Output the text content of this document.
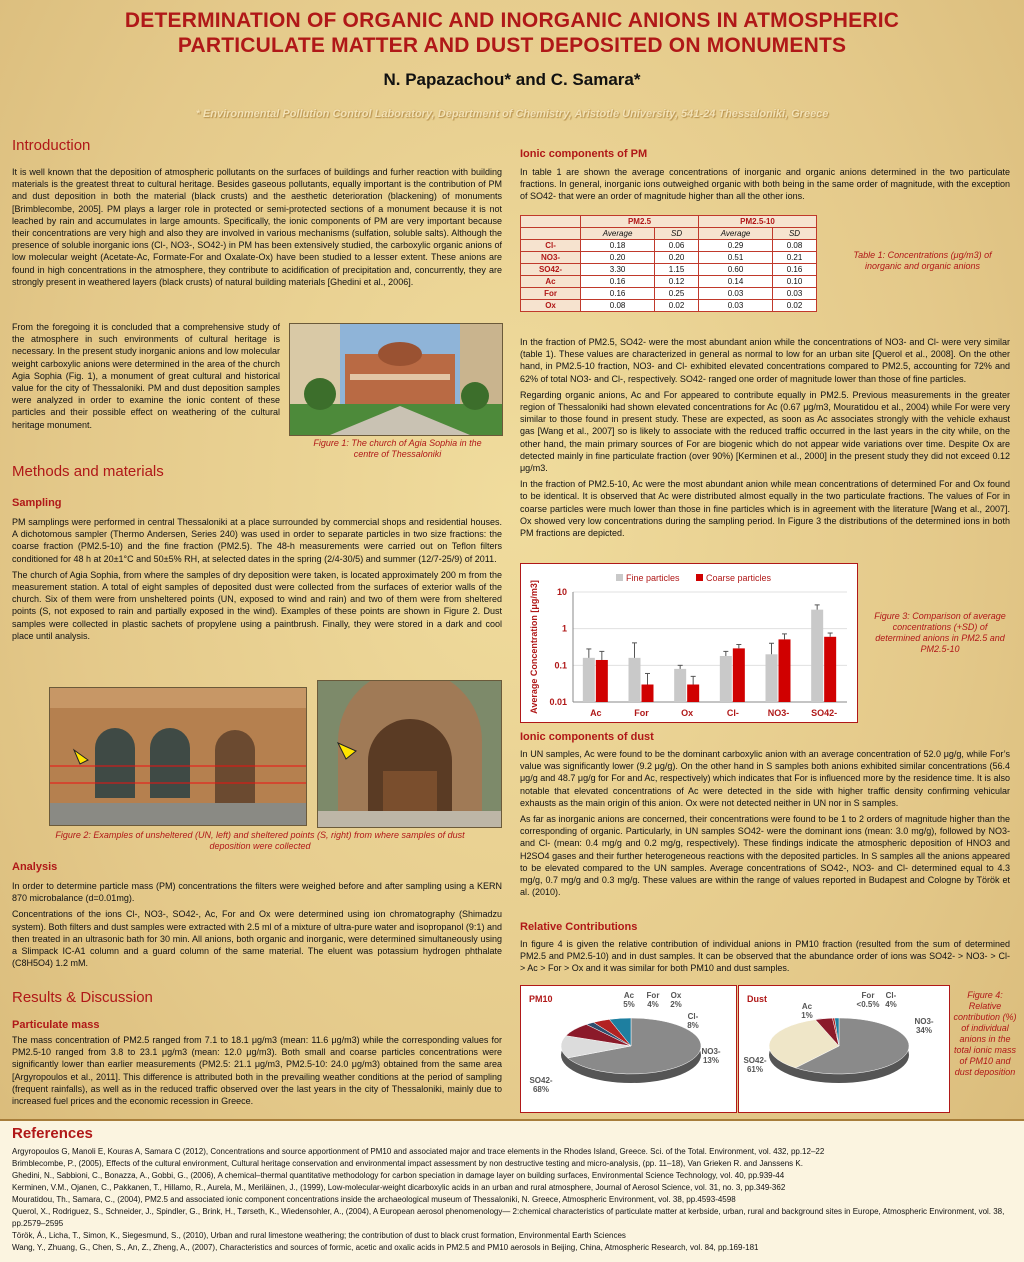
DETERMINATION OF ORGANIC AND INORGANIC ANIONS IN ATMOSPHERIC
PARTICULATE MATTER AND DUST DEPOSITED ON MONUMENTS
N. Papazachou* and C. Samara*
* Environmental Pollution Control Laboratory, Department of Chemistry, Aristotle University, 541-24 Thessaloniki, Greece
Introduction

It is well known that the deposition of atmospheric pollutants on the surfaces of buildings and furher reaction with building materials is the greatest threat to cultural heritage. Besides gaseous pollutants, equally important is the contribution of PM and dust deposition in both the material (black crusts) and the aesthetic deterioration (blackening) of monuments [Brimblecombe, 2005]. PM plays a larger role in protected or semi-protected sections of a monument because it is not leached by rain and accumulates in large amounts. Specifically, the ionic components of PM are very important because their concentrations are very high and also they are involved in various mechanisms (sulfation, soluble salts). Although the presence of soluble inorganic ions (Cl-, NO3-, SO42-) in PM has been extensively studied, the carboxylic organic anions of low molecular weight (Acetate-Ac, Formate-For and Oxalate-Ox) have been studied to a lesser extent. These anions are found in high concentrations in the atmosphere, they contribute to acidification of precipitation and, concurrently, they are strongly present in weathered layers (black crusts) of natural building materials [Ghedini et al., 2006].

From the foregoing it is concluded that a comprehensive study of the atmosphere in such environments of cultural heritage is necessary. In the present study inorganic anions and low molecular weight carboxylic anions were determined in the area of the church Agia Sophia (Fig. 1), a monument of great cultural and historical value for the city of Thessaloniki. PM and dust deposition samples were analyzed in order to examine the ionic content of these particles and their possible effect on weathering of the cultural heritage monument.

Figure 1: The church of Agia Sophia in the centre of Thessaloniki
Methods and materials
Sampling

PM samplings were performed in central Thessaloniki at a place surrounded by commercial shops and residential houses. A dichotomous sampler (Thermo Andersen, Series 240) was used in order to separate particles in two size fractions: the coarse fraction (PM2.5-10) and the fine fraction (PM2.5). The 48-h measurements were carried out on Teflon filters conditioned for 48 h at 20±1°C and 50±5% RH, at selected dates in the spring (2/4-30/5) and summer (12/7-25/9) of 2011.

The church of Agia Sophia, from where the samples of dry deposition were taken, is located approximately 200 m from the measurement station. A total of eight samples of deposited dust were collected from the surfaces of exterior walls of the church. Six of them were from unsheltered points (UN, exposed to wind and rain) and two of them were from sheltered points (S, not exposed to rain and partially exposed in the wind). Examples of these points are shown in Figure 2. Dust samples were collected in plastic sachets of propylene using a paintbrush. Finally, they were stored in a dark and cool place until analysis.

Figure 2: Examples of unsheltered (UN, left) and sheltered points (S, right) from where samples of dust deposition were collected
Analysis

In order to determine particle mass (PM) concentrations the filters were weighed before and after sampling using a KERN 870 microbalance (d=0.01mg).

Concentrations of the ions Cl-, NO3-, SO42-, Ac, For and Ox were determined using ion chromatography (Shimadzu system). Both filters and dust samples were extracted with 2.5 ml of a mixture of ultra-pure water and isopropanol (9:1) and then treated in an ultrasonic bath for 30 min. All anions, both organic and inorganic, were determined simultaneously using a Slimpack IC-A1 column and a guard column of the same material. The eluent was potassium hydrogen phthalate (C8H5O4) 1.2 mM.

Results & Discussion
Particulate mass

The mass concentration of PM2.5 ranged from 7.1 to 18.1 μg/m3 (mean: 11.6 μg/m3) while the corresponding values for PM2.5-10 ranged from 3.8 to 23.1 μg/m3 (mean: 12.0 μg/m3). Both small and coarse particles concentrations were significantly lower than earlier measurements (PM2.5: 21.1 μg/m3, PM2.5-10: 24.0 μg/m3) obtained from the same area [Argyropoulos et al., 2011]. This difference is attributed both in the prevailing weather conditions at the period of sampling (frequent rainfalls), as well as in the reduced traffic observed over the last years in the city of Thessaloniki, mainly due to increased fuel prices and the economic recession in Greece.

Ionic components of PM

In table 1 are shown the average concentrations of inorganic and organic anions determined in the two particulate fractions. In general, inorganic ions outweighed organic with both being in the same order of magnitude, with the exception of SO42- that were an order of magnitude higher than all the other ions.

	PM2.5		PM2.5-10	
	Average	SD	Average	SD
Cl-	0.18	0.06	0.29	0.08
NO3-	0.20	0.20	0.51	0.21
SO42-	3.30	1.15	0.60	0.16
Ac	0.16	0.12	0.14	0.10
For	0.16	0.25	0.03	0.03
Ox	0.08	0.02	0.03	0.02
Table 1: Concentrations (μg/m3) of inorganic and organic anions

In the fraction of PM2.5, SO42- were the most abundant anion while the concentrations of NO3- and Cl- were very similar (table 1). These values are characterized in general as normal to low for an urban site [Querol et al., 2008]. On the other hand, in PM2.5-10 fraction, NO3- and Cl- exhibited elevated concentrations compared to PM2.5, accounting for 72% and 62% of total NO3- and Cl-, respectively. SO42- ranged one order of magnitude lower than those of fine particles.

Regarding organic anions, Ac and For appeared to contribute equally in PM2.5. Previous measurements in the greater region of Thessaloniki had shown elevated concentrations for Ac (0.67 μg/m3, Mouratidou et al., 2004) while For were very similar to those found in present study. These are expected, as soon as Ac associates strongly with the vehicle exhaust gas [Wang et al., 2007] so is likely to associate with the reduced traffic occurred in the last years in the city while, on the other hand, the main primary sources of For are biogenic which do not appear wide variations over time. Despite Ox are detected mainly in fine particulate fraction (over 90%) [Kerminen et al., 2000] in the present study they did not exceed 0.12 μg/m3.

In the fraction of PM2.5-10, Ac were the most abundant anion while mean concentrations of determined For and Ox found to be identical. It is observed that Ac were distributed almost equally in the two particulate fractions. The values of For in coarse particles were much lower than those in fine particles which is in agreement with the literature [Wang et al., 2007]. Ox showed very low concentrations during the sampling period. In Figure 3 the distributions of the determined ions in both PM fractions are depicted.

0.01
0.1
1
10
Average Concentration [μg/m3]	Ac	For	Ox	Cl-	NO3- SO42-
Fine particles	Coarse particles
Figure 3: Comparison of average concentrations (+SD) of determined anions in PM2.5 and PM2.5-10
Ionic components of dust

In UN samples, Ac were found to be the dominant carboxylic anion with an average concentration of 52.0 μg/g, while For’s value was significantly lower (9.2 μg/g). On the other hand in S samples both anions exhibited similar concentrations (56.4 μg/g and 48.7 μg/g for For and Ac, respectively) which indicates that For is influenced more by the residence time. It is also notable that elevated concentrations of Ac were detected in the side with higher traffic density confirming vehicular exhausts as the main origin of this anion. Ox were not detected neither in UN nor in S samples.

As far as inorganic anions are concerned, their concentrations were found to be 1 to 2 orders of magnitude higher than the corresponding of organic. Particularly, in UN samples SO42- were the dominant ions (mean: 3.0 mg/g), followed by NO3- and Cl- (mean: 0.4 mg/g and 0.2 mg/g, respectively). These findings indicate the atmospheric deposition of HNO3 and H2SO4 gases and their further heterogeneous reactions with the deposited particles. In S samples all the anions appeared to be elevated compared to the UN samples. Average concentrations of SO42-, NO3- and Cl- determined equal to 4.3 mg/g, 0.7 mg/g and 0.3 mg/g. These values are within the range of values reported in Budapest and Cologne by Török et al. (2010).

Relative Contributions

In figure 4 is given the relative contribution of individual anions in PM10 fraction (resulted from the sum of determined PM2.5 and PM2.5-10) and in dust samples. It can be observed that the abundance order of ions was SO42- > NO3- > Cl- > Ac > For > Ox and it was similar for both PM10 and dust samples.

PM10
SO42-68%
NO3-13%
Cl-8%
Ox 2%
For 4%
Ac 5%
Dust
SO42-61%
NO3-34%
Cl-4%
For <0.5%
Ac 1%
Figure 4: Relative contribution (%) of individual anions in the total ionic mass of PM10 and dust deposition
References

Argyropoulos G, Manoli E, Kouras A, Samara C (2012), Concentrations and source apportionment of PM10 and associated major and trace elements in the Rhodes Island, Greece. Sci. of the Total. Environment, vol. 432, pp.12–22

Brimblecombe, P., (2005), Effects of the cultural environment, Cultural heritage conservation and environmental impact assessment by non destructive testing and micro-analysis, (pp. 11–18), Van Grieken R. and Janssens K.

Ghedini, N., Sabbioni, C., Bonazza, A., Gobbi, G., (2006), A chemical–thermal quantitative methodology for carbon speciation in damage layer on building surfaces, Environmental Science Technology, vol. 40, pp.939-44

Kerminen, V.M., Ojanen, C., Pakkanen, T., Hillamo, R., Aurela, M., Meriläinen, J., (1999), Low-molecular-weight dicarboxylic acids in an urban and rural atmosphere, Journal of Aerosol Science, vol. 31, no. 3, pp.349-362

Mouratidou, Th., Samara, C., (2004), PM2.5 and associated ionic component concentrations inside the archaeological museum of Thessaloniki, N. Greece, Atmospheric Environment, vol. 38, pp.4593-4598

Querol, X., Rodriguez, S., Schneider, J., Spindler, G., Brink, H., Tørseth, K., Wiedensohler, A., (2004), A European aerosol phenomenology— 2:chemical characteristics of particulate matter at kerbside, urban, rural and background sites in Europe, Atmospheric Environment, vol. 38, pp.2579–2595

Török, Á., Licha, T., Simon, K., Siegesmund, S., (2010), Urban and rural limestone weathering; the contribution of dust to black crust formation, Environmental Earth Sciences

Wang, Y., Zhuang, G., Chen, S., An, Z., Zheng, A., (2007), Characteristics and sources of formic, acetic and oxalic acids in PM2.5 and PM10 aerosols in Beijing, China, Atmospheric Research, vol. 84, pp.169-181
